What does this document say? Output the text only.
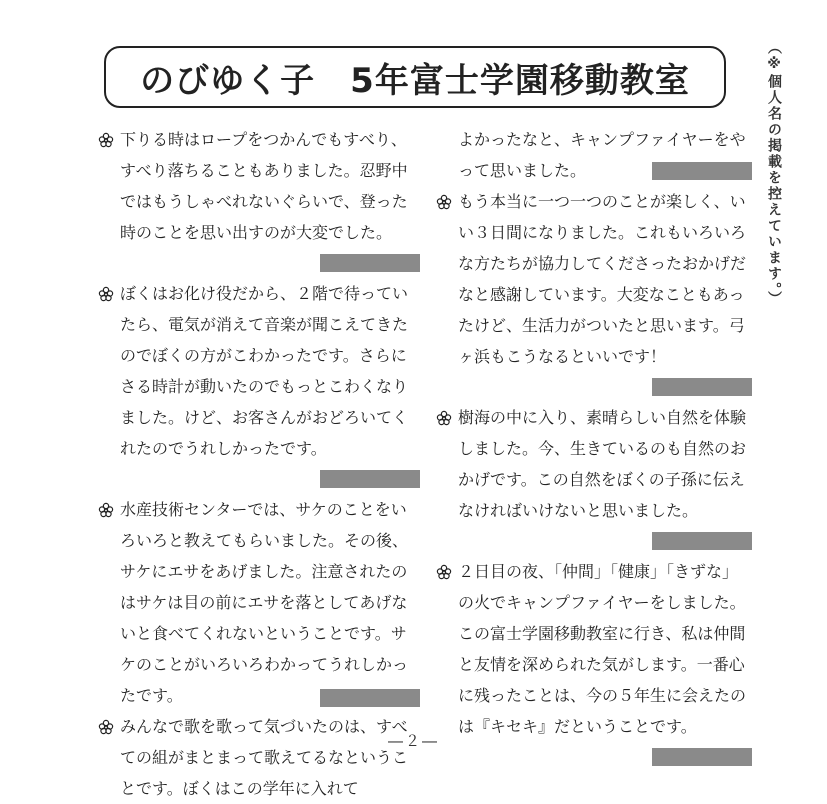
のびゆく子　5年富士学園移動教室	（※個人名の掲載を控えています。）
下りる時はロープをつかんでもすべり、すべり落ちることもありました。忍野中ではもうしゃべれないぐらいで、登った時のことを思い出すのが大変でした。
ぼくはお化け役だから、２階で待っていたら、電気が消えて音楽が聞こえてきたのでぼくの方がこわかったです。さらにさる時計が動いたのでもっとこわくなりました。けど、お客さんがおどろいてくれたのでうれしかったです。
水産技術センターでは、サケのことをいろいろと教えてもらいました。その後、サケにエサをあげました。注意されたのはサケは目の前にエサを落としてあげないと食べてくれないということです。サケのことがいろいろわかってうれしかったです。
みんなで歌を歌って気づいたのは、すべての組がまとまって歌えてるなということです。ぼくはこの学年に入れて
よかったなと、キャンプファイヤーをやって思いました。
もう本当に一つ一つのことが楽しく、いい３日間になりました。これもいろいろな方たちが協力してくださったおかげだなと感謝しています。大変なこともあったけど、生活力がついたと思います。弓ヶ浜もこうなるといいです！
樹海の中に入り、素晴らしい自然を体験しました。今、生きているのも自然のおかげです。この自然をぼくの子孫に伝えなければいけないと思いました。
２日目の夜、「仲間」「健康」「きずな」の火でキャンプファイヤーをしました。この富士学園移動教室に行き、私は仲間と友情を深められた気がします。一番心に残ったことは、今の５年生に会えたのは『キセキ』だということです。
―２―
